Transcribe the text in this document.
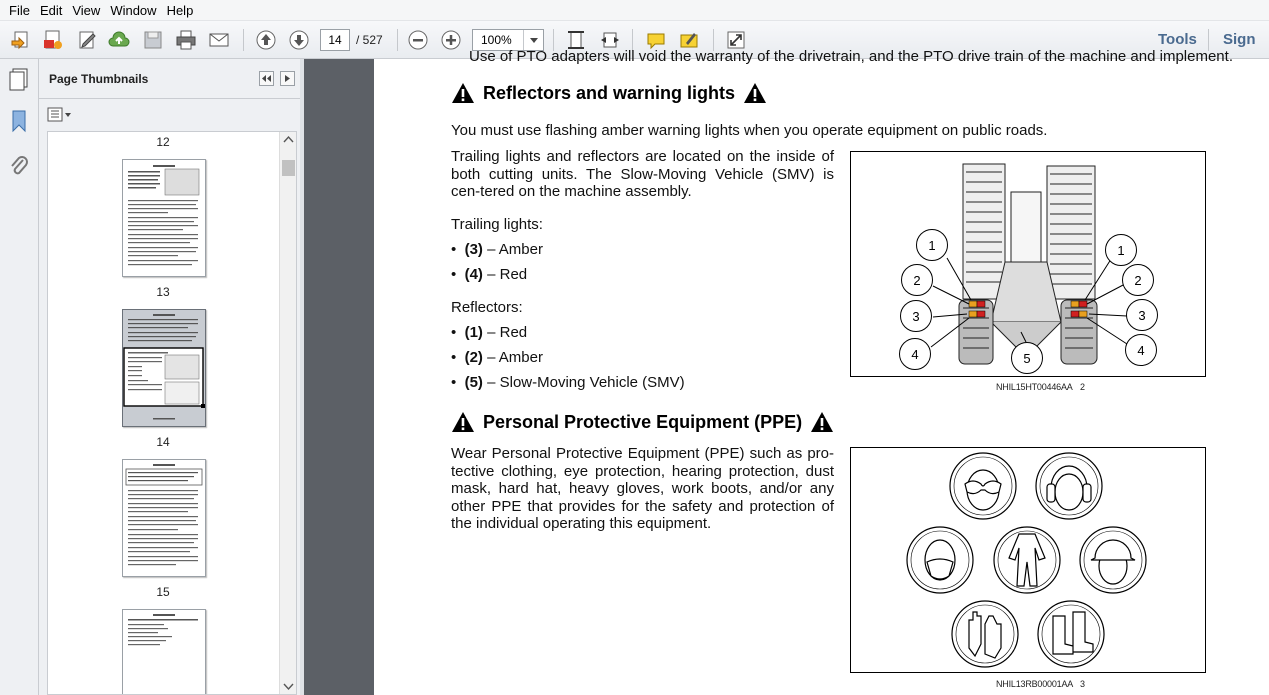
File Edit View Window Help
14	/ 527	100%	Tools Sign
Page Thumbnails
12
13
14
15
Use of PTO adapters will void the warranty of the drivetrain, and the PTO drive train of the machine and implement.
Reflectors and warning lights
You must use flashing amber warning lights when you operate equipment on public roads.
Trailing lights and reflectors are located on the inside of both cutting units. The Slow-Moving Vehicle (SMV) is cen-tered on the machine assembly.
Trailing lights:
•  (3) – Amber
•  (4) – Red
Reflectors:
•  (1) – Red
•  (2) – Amber
•  (5) – Slow-Moving Vehicle (SMV)
1
2
3
4	5
1
2
3
4
NHIL15HT00446AA 2
Personal Protective Equipment (PPE)
Wear Personal Protective Equipment (PPE) such as pro-tective clothing, eye protection, hearing protection, dust mask, hard hat, heavy gloves, work boots, and/or any other PPE that provides for the safety and protection of the individual operating this equipment.
NHIL13RB00001AA 3
